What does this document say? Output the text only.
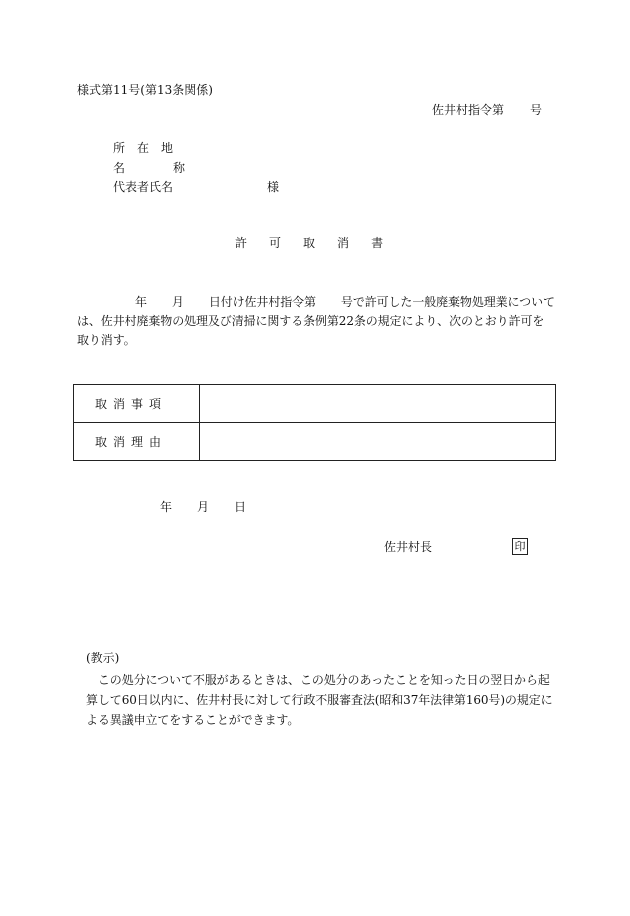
様式第11号(第13条関係)
佐井村指令第 号
所 在 地
名	称
代表者氏名	様
許 可 取 消 書
年 月 日付け佐井村指令第 号で許可した一般廃棄物処理業については、佐井村廃棄物の処理及び清掃に関する条例第22条の規定により、次のとおり許可を取り消す。
取 消 事 項	
取 消 理 由	
年 月 日
佐井村長	印
(教示)
　この処分について不服があるときは、この処分のあったことを知った日の翌日から起算して60日以内に、佐井村長に対して行政不服審査法(昭和37年法律第160号)の規定による異議申立てをすることができます。
